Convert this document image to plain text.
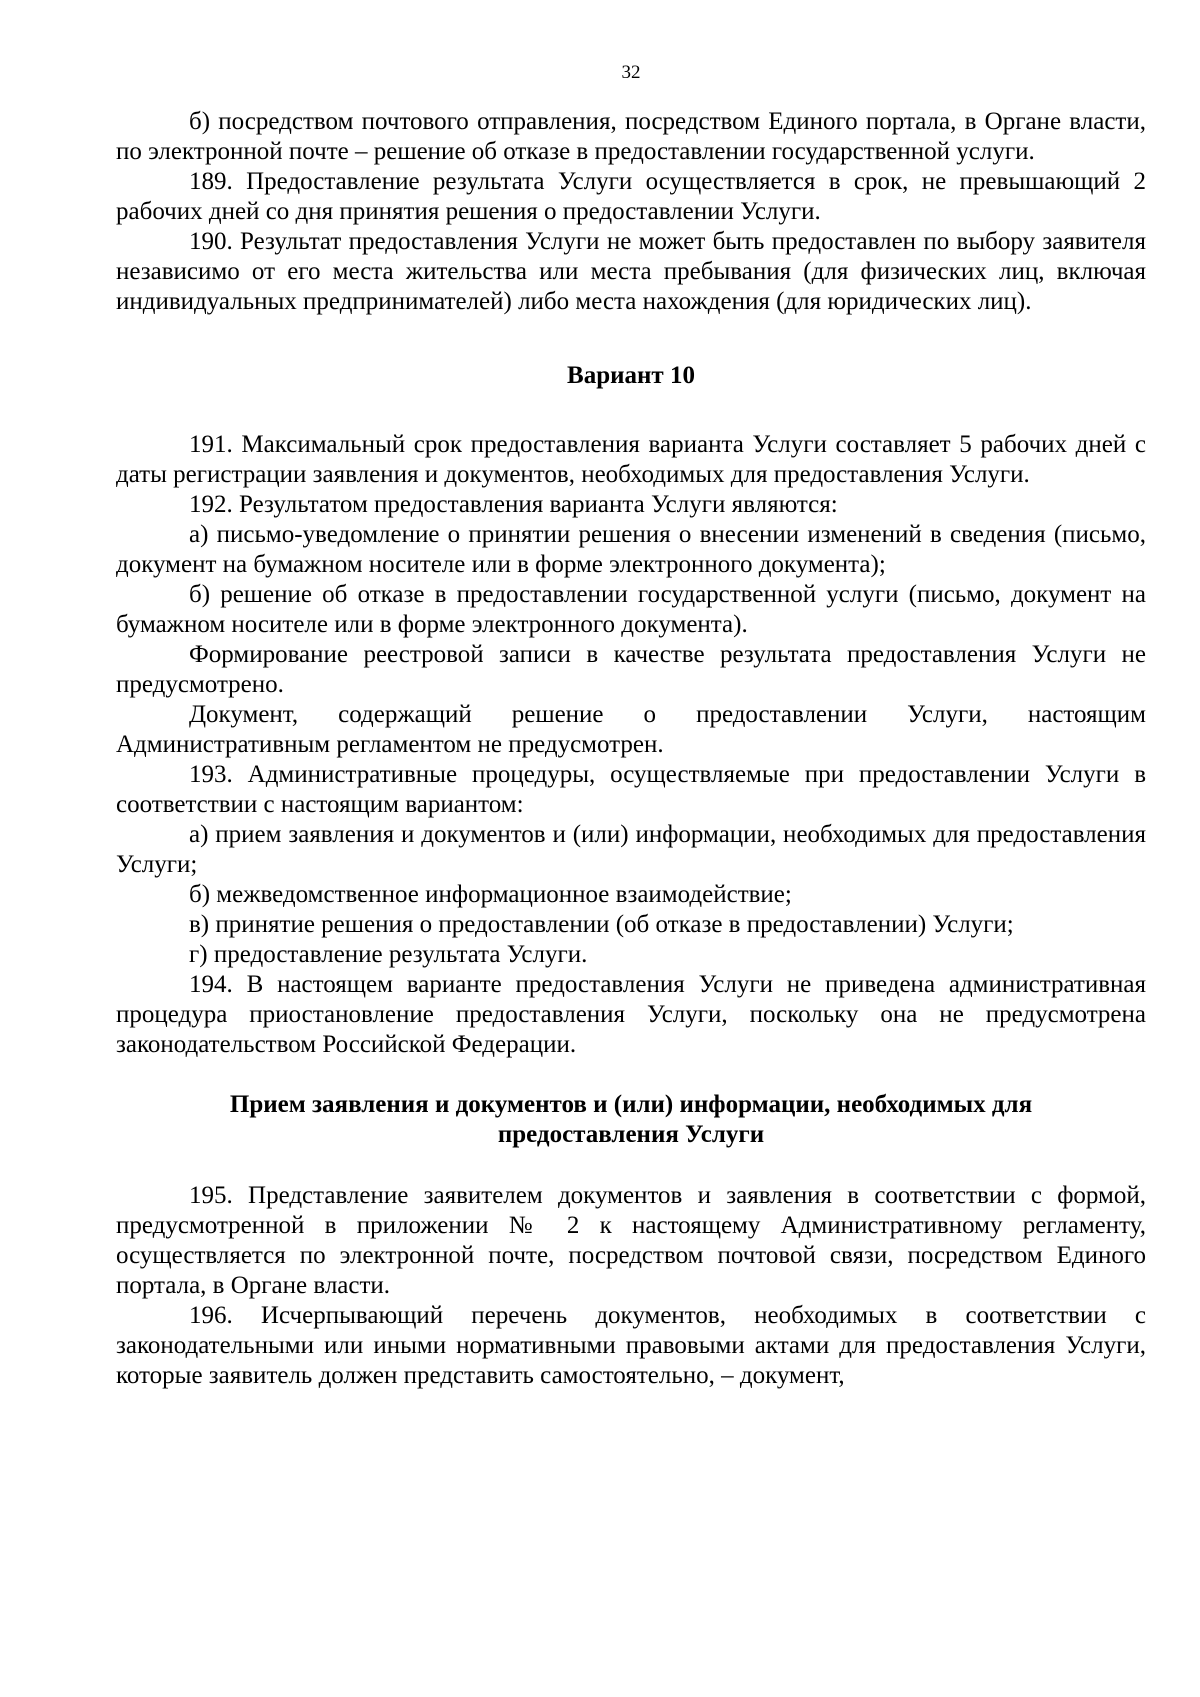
32

б) посредством почтового отправления, посредством Единого портала, в Органе власти, по электронной почте – решение об отказе в предоставлении государственной услуги.

189. Предоставление результата Услуги осуществляется в срок, не превышающий 2 рабочих дней со дня принятия решения о предоставлении Услуги.

190. Результат предоставления Услуги не может быть предоставлен по выбору заявителя независимо от его места жительства или места пребывания (для физических лиц, включая индивидуальных предпринимателей) либо места нахождения (для юридических лиц).

Вариант 10

191. Максимальный срок предоставления варианта Услуги составляет 5 рабочих дней с даты регистрации заявления и документов, необходимых для предоставления Услуги.

192. Результатом предоставления варианта Услуги являются:

а) письмо-уведомление о принятии решения о внесении изменений в сведения (письмо, документ на бумажном носителе или в форме электронного документа);

б) решение об отказе в предоставлении государственной услуги (письмо, документ на бумажном носителе или в форме электронного документа).

Формирование реестровой записи в качестве результата предоставления Услуги не предусмотрено.

Документ, содержащий решение о предоставлении Услуги, настоящим Административным регламентом не предусмотрен.

193. Административные процедуры, осуществляемые при предоставлении Услуги в соответствии с настоящим вариантом:

а) прием заявления и документов и (или) информации, необходимых для предоставления Услуги;

б) межведомственное информационное взаимодействие;

в) принятие решения о предоставлении (об отказе в предоставлении) Услуги;

г) предоставление результата Услуги.

194. В настоящем варианте предоставления Услуги не приведена административная процедура приостановление предоставления Услуги, поскольку она не предусмотрена законодательством Российской Федерации.

Прием заявления и документов и (или) информации, необходимых для предоставления Услуги

195. Представление заявителем документов и заявления в соответствии с формой, предусмотренной в приложении № 2 к настоящему Административному регламенту, осуществляется по электронной почте, посредством почтовой связи, посредством Единого портала, в Органе власти.

196. Исчерпывающий перечень документов, необходимых в соответствии с законодательными или иными нормативными правовыми актами для предоставления Услуги, которые заявитель должен представить самостоятельно, – документ,
